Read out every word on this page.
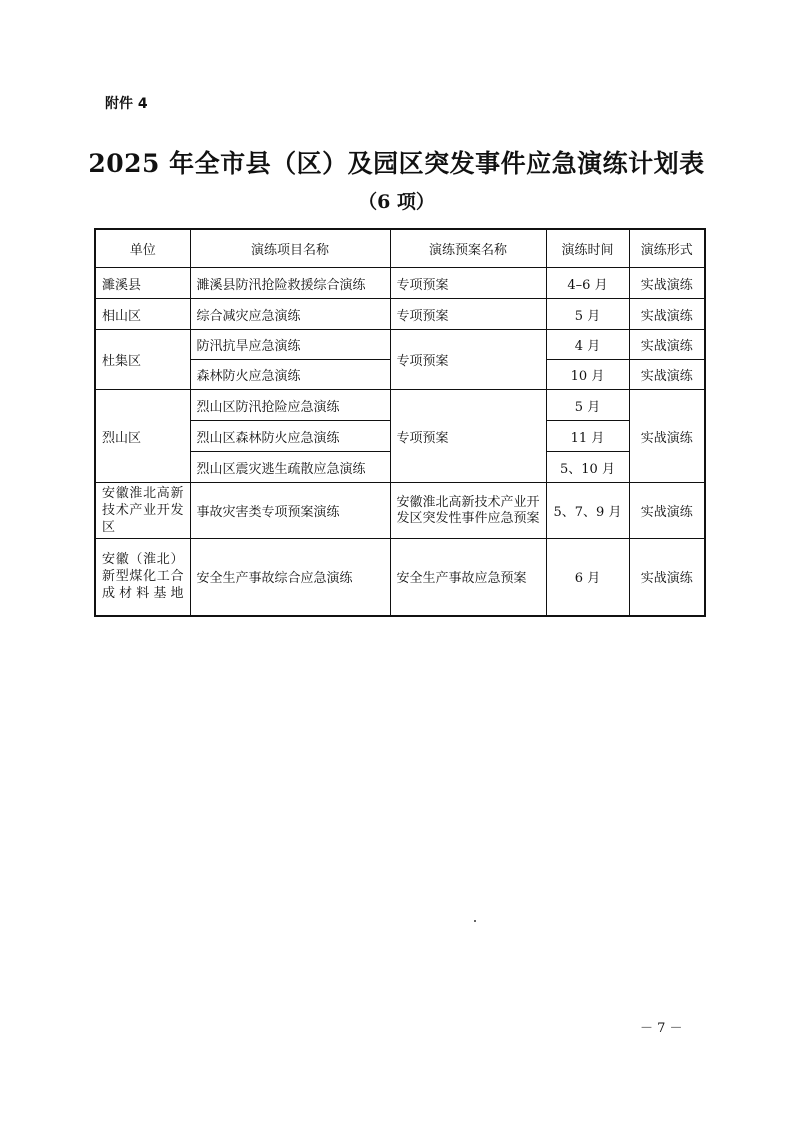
附件 4
2025 年全市县（区）及园区突发事件应急演练计划表
（6 项）
单位	演练项目名称	演练预案名称	演练时间	演练形式
濉溪县	濉溪县防汛抢险救援综合演练	专项预案	4–6 月	实战演练
相山区	综合减灾应急演练	专项预案	5 月	实战演练
杜集区	防汛抗旱应急演练	专项预案	4 月	实战演练
	森林防火应急演练		10 月	实战演练
烈山区	烈山区防汛抢险应急演练	专项预案	5 月	实战演练
	烈山区森林防火应急演练		11 月	
	烈山区震灾逃生疏散应急演练		5、10 月	
安徽淮北高新技术产业开发区	事故灾害类专项预案演练	安徽淮北高新技术产业开发区突发性事件应急预案	5、7、9 月	实战演练
安徽（淮北）新型煤化工合成材料基地	安全生产事故综合应急演练	安全生产事故应急预案	6 月	实战演练
－ 7 －
